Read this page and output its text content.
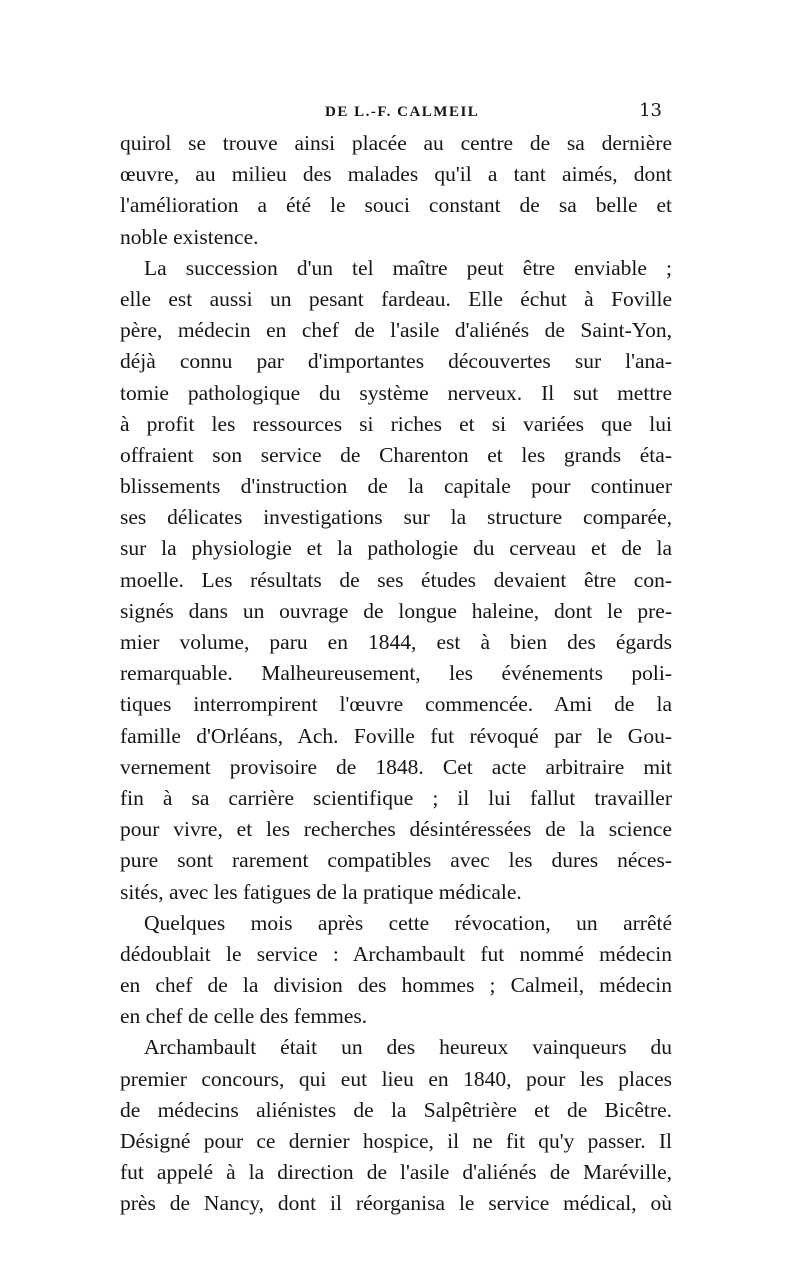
DE L.-F. CALMEIL	13
quirol se trouve ainsi placée au centre de sa dernière
œuvre, au milieu des malades qu'il a tant aimés, dont
l'amélioration a été le souci constant de sa belle et
noble existence.
La succession d'un tel maître peut être enviable ;
elle est aussi un pesant fardeau. Elle échut à Foville
père, médecin en chef de l'asile d'aliénés de Saint-Yon,
déjà connu par d'importantes découvertes sur l'ana-
tomie pathologique du système nerveux. Il sut mettre
à profit les ressources si riches et si variées que lui
offraient son service de Charenton et les grands éta-
blissements d'instruction de la capitale pour continuer
ses délicates investigations sur la structure comparée,
sur la physiologie et la pathologie du cerveau et de la
moelle. Les résultats de ses études devaient être con-
signés dans un ouvrage de longue haleine, dont le pre-
mier volume, paru en 1844, est à bien des égards
remarquable. Malheureusement, les événements poli-
tiques interrompirent l'œuvre commencée. Ami de la
famille d'Orléans, Ach. Foville fut révoqué par le Gou-
vernement provisoire de 1848. Cet acte arbitraire mit
fin à sa carrière scientifique ; il lui fallut travailler
pour vivre, et les recherches désintéressées de la science
pure sont rarement compatibles avec les dures néces-
sités, avec les fatigues de la pratique médicale.
Quelques mois après cette révocation, un arrêté
dédoublait le service : Archambault fut nommé médecin
en chef de la division des hommes ; Calmeil, médecin
en chef de celle des femmes.
Archambault était un des heureux vainqueurs du
premier concours, qui eut lieu en 1840, pour les places
de médecins aliénistes de la Salpêtrière et de Bicêtre.
Désigné pour ce dernier hospice, il ne fit qu'y passer. Il
fut appelé à la direction de l'asile d'aliénés de Maréville,
près de Nancy, dont il réorganisa le service médical, où
